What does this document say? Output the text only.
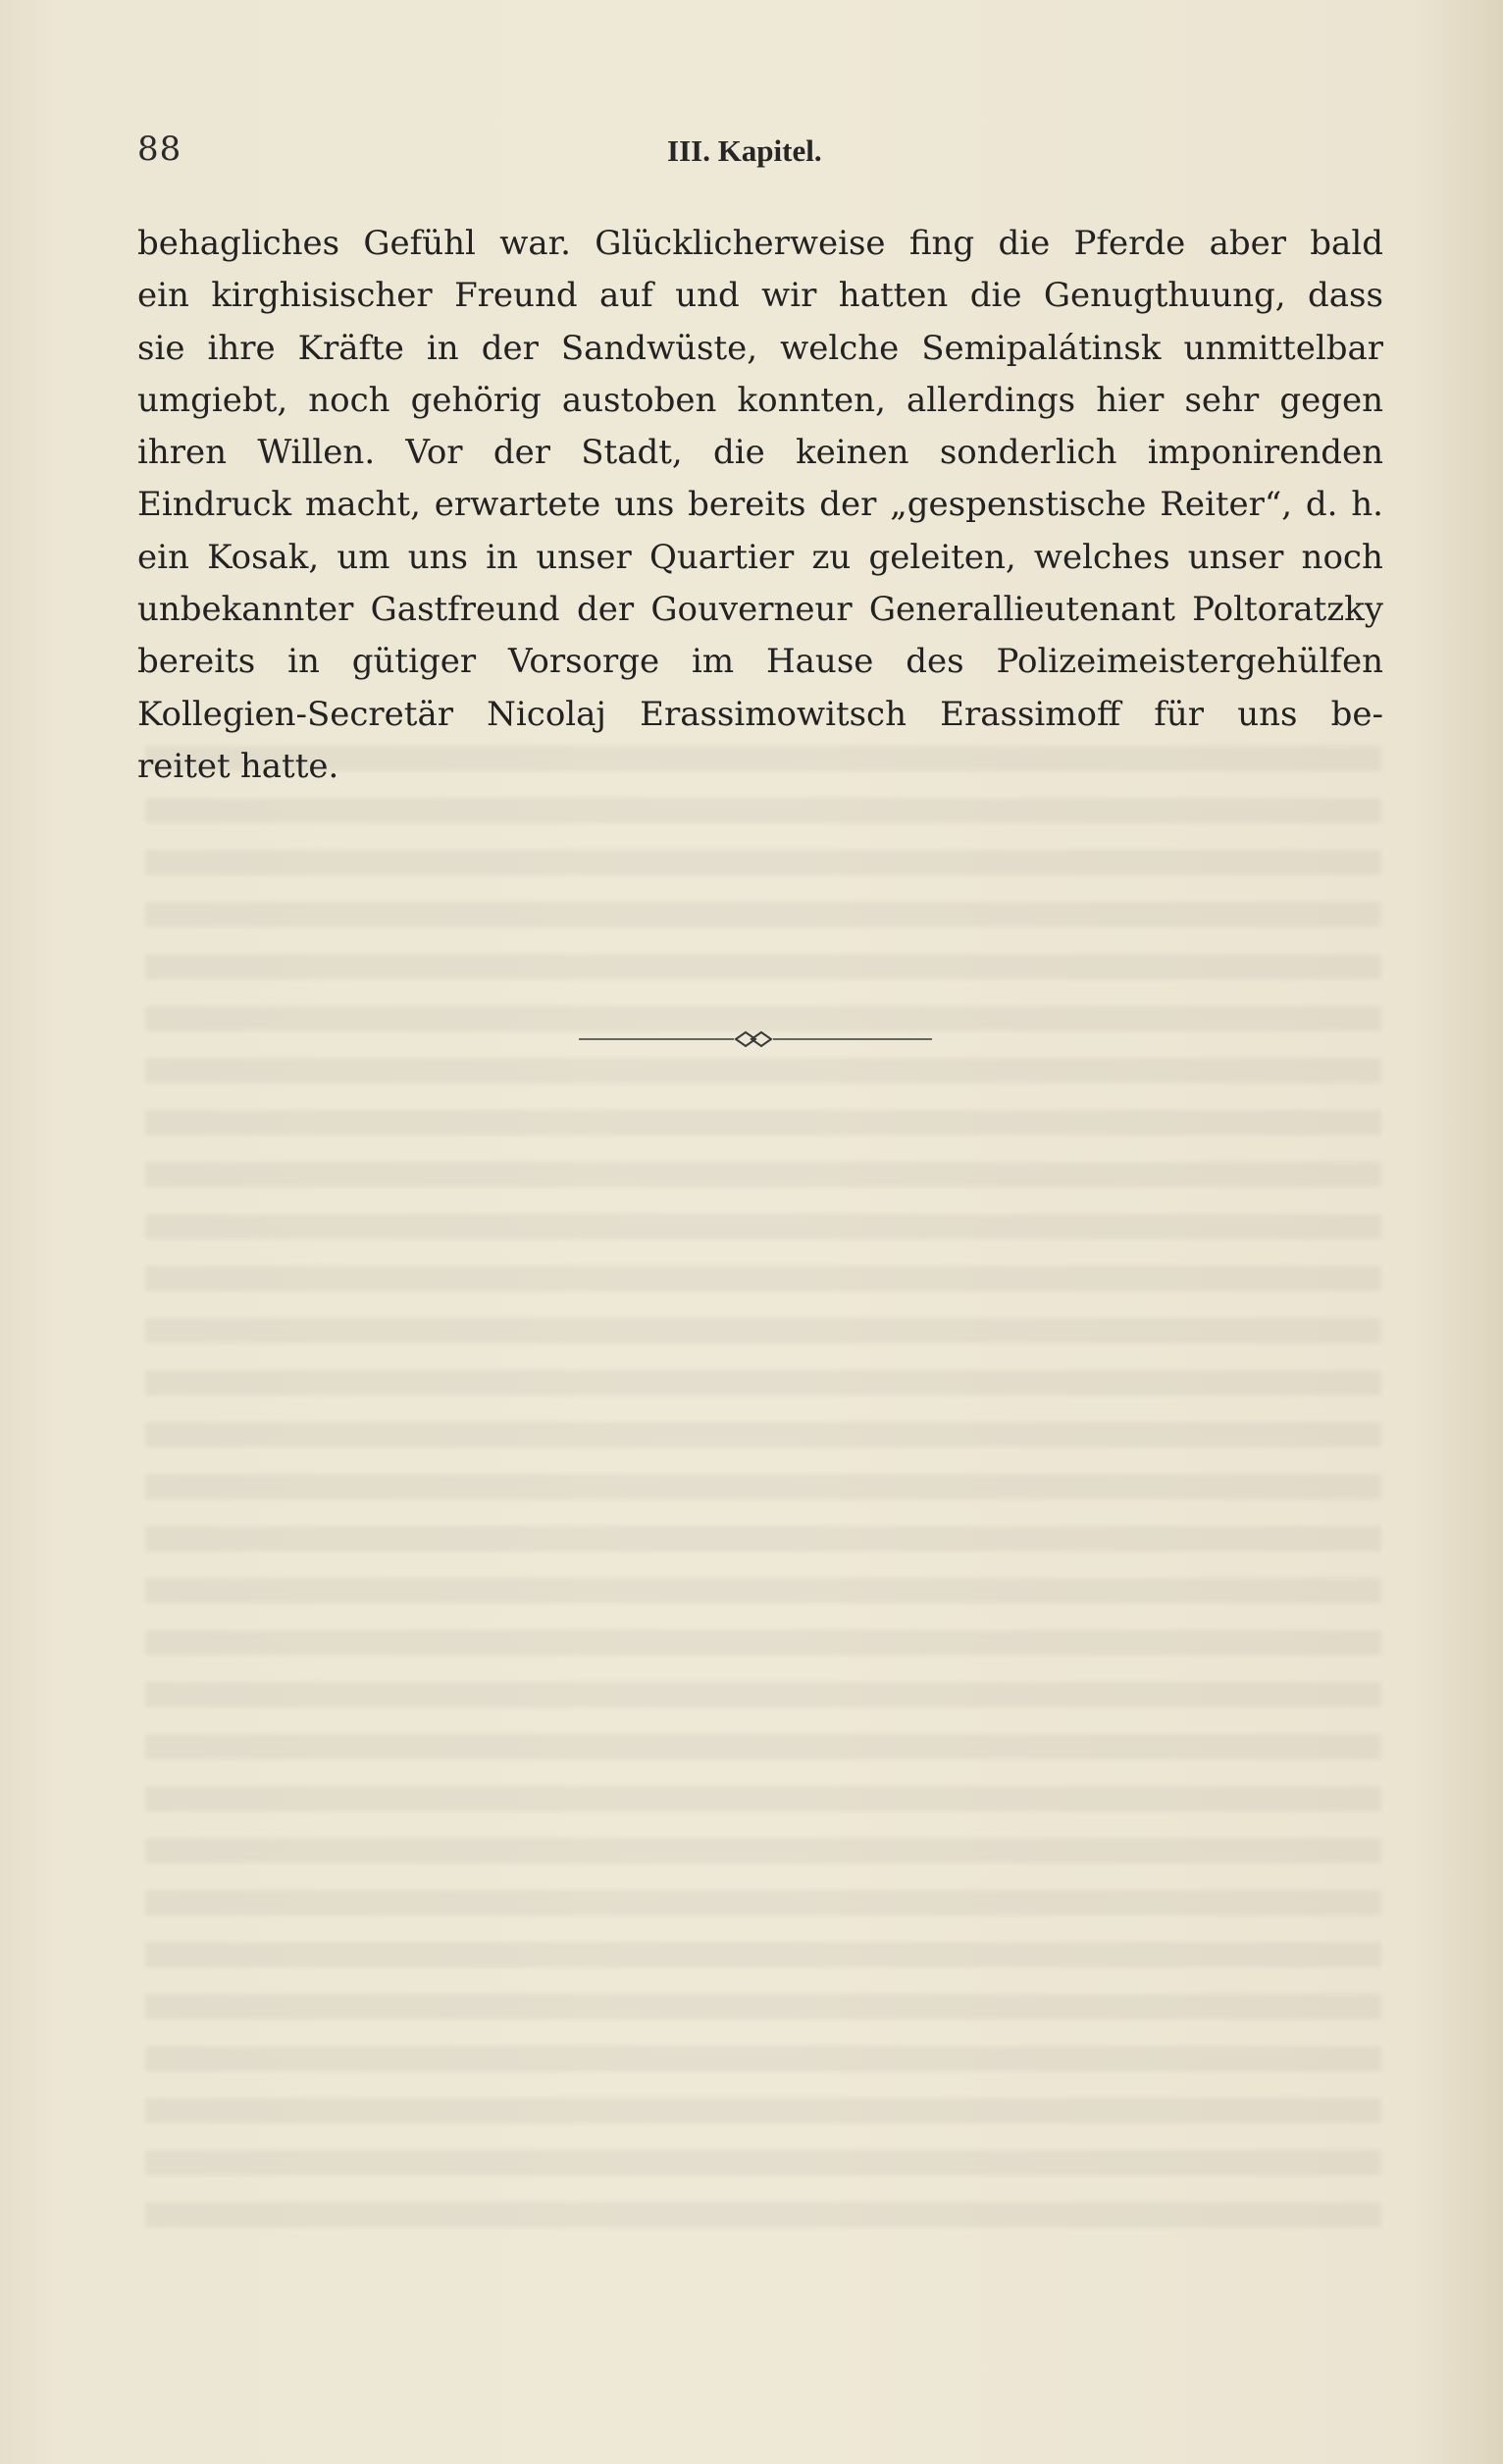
88	III. Kapitel.
behagliches Gefühl war. Glücklicherweise fing die Pferde aber bald
ein kirghisischer Freund auf und wir hatten die Genugthuung, dass
sie ihre Kräfte in der Sandwüste, welche Semipalátinsk unmittelbar
umgiebt, noch gehörig austoben konnten, allerdings hier sehr gegen
ihren Willen. Vor der Stadt, die keinen sonderlich imponirenden
Eindruck macht, erwartete uns bereits der „gespenstische Reiter“, d. h.
ein Kosak, um uns in unser Quartier zu geleiten, welches unser noch
unbekannter Gastfreund der Gouverneur Generallieutenant Poltoratzky
bereits in gütiger Vorsorge im Hause des Polizeimeistergehülfen
Kollegien-Secretär Nicolaj Erassimowitsch Erassimoff für uns be-
reitet hatte.
